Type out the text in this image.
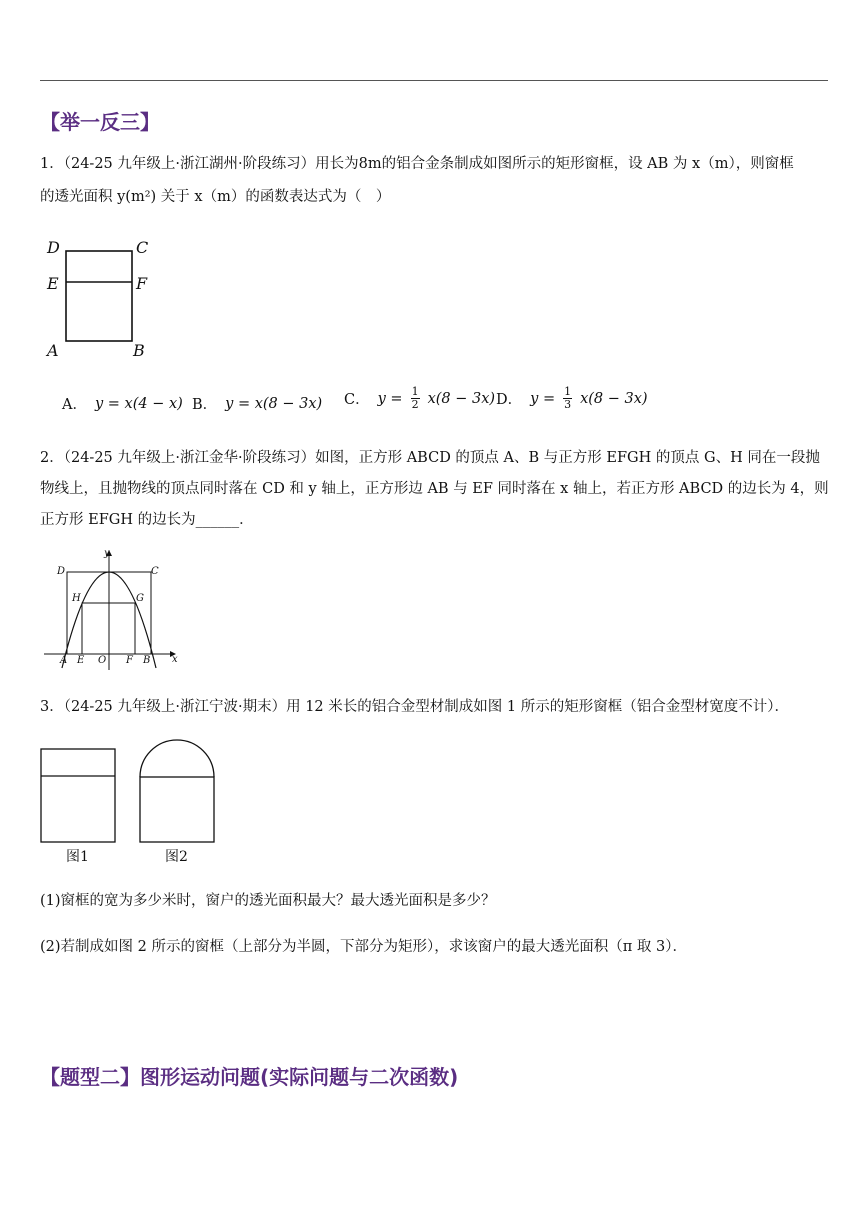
【举一反三】
1．（24-25 九年级上·浙江湖州·阶段练习）用长为8m的铝合金条制成如图所示的矩形窗框，设 AB 为 x（m），则窗框
的透光面积 y(m²) 关于 x（m）的函数表达式为（　）
D	C
E	F
A	B
A． y = x(4 − x) B． y = x(8 − 3x) C． $y = \frac{1}{2} x(8 - 3x)$ D． $y = \frac{1}{3} x(8 - 3x)$
2．（24-25 九年级上·浙江金华·阶段练习）如图，正方形 ABCD 的顶点 A、B 与正方形 EFGH 的顶点 G、H 同在一段抛
物线上，且抛物线的顶点同时落在 CD 和 y 轴上，正方形边 AB 与 EF 同时落在 x 轴上，若正方形 ABCD 的边长为 4，则
正方形 EFGH 的边长为______．
y
x
D	C
H	G
A E O F B
3．（24-25 九年级上·浙江宁波·期末）用 12 米长的铝合金型材制成如图 1 所示的矩形窗框（铝合金型材宽度不计）．
图1	图2
(1)窗框的宽为多少米时，窗户的透光面积最大？最大透光面积是多少？
(2)若制成如图 2 所示的窗框（上部分为半圆，下部分为矩形），求该窗户的最大透光面积（π 取 3）．
【题型二】图形运动问题(实际问题与二次函数)
